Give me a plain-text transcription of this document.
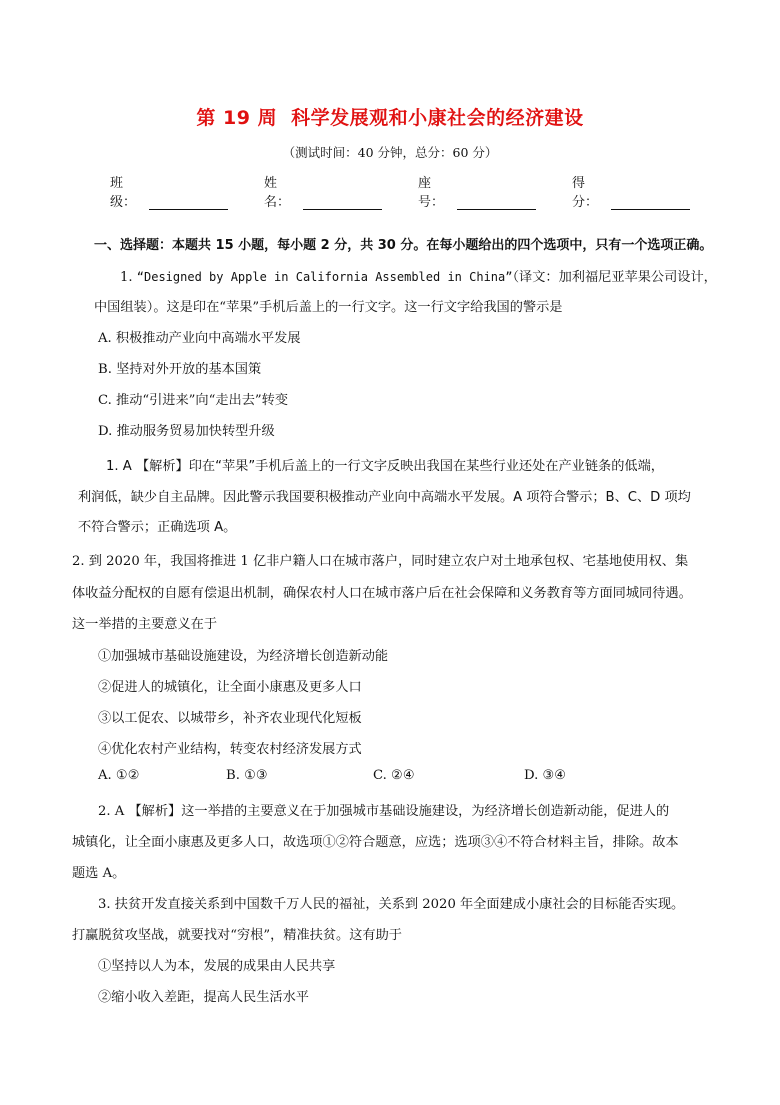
第 19 周 科学发展观和小康社会的经济建设
（测试时间：40 分钟，总分：60 分）
班级：
姓名：
座号：
得分：
一、选择题：本题共 15 小题，每小题 2 分，共 30 分。在每小题给出的四个选项中，只有一个选项正确。
1. “Designed by Apple in California Assembled in China”（译文：加利福尼亚苹果公司设计，
中国组装）。这是印在“苹果”手机后盖上的一行文字。这一行文字给我国的警示是
A. 积极推动产业向中高端水平发展
B. 坚持对外开放的基本国策
C. 推动“引进来”向“走出去”转变
D. 推动服务贸易加快转型升级
1. A 【解析】印在“苹果”手机后盖上的一行文字反映出我国在某些行业还处在产业链条的低端，
利润低，缺少自主品牌。因此警示我国要积极推动产业向中高端水平发展。A 项符合警示；B、C、D 项均
不符合警示；正确选项 A。
2. 到 2020 年，我国将推进 1 亿非户籍人口在城市落户，同时建立农户对土地承包权、宅基地使用权、集
体收益分配权的自愿有偿退出机制，确保农村人口在城市落户后在社会保障和义务教育等方面同城同待遇。
这一举措的主要意义在于
①加强城市基础设施建设，为经济增长创造新动能
②促进人的城镇化，让全面小康惠及更多人口
③以工促农、以城带乡，补齐农业现代化短板
④优化农村产业结构，转变农村经济发展方式
A. ①②	B. ①③	C. ②④	D. ③④
2. A 【解析】这一举措的主要意义在于加强城市基础设施建设，为经济增长创造新动能，促进人的
城镇化，让全面小康惠及更多人口，故选项①②符合题意，应选；选项③④不符合材料主旨，排除。故本
题选 A。
3. 扶贫开发直接关系到中国数千万人民的福祉，关系到 2020 年全面建成小康社会的目标能否实现。
打赢脱贫攻坚战，就要找对“穷根”，精准扶贫。这有助于
①坚持以人为本，发展的成果由人民共享
②缩小收入差距，提高人民生活水平
